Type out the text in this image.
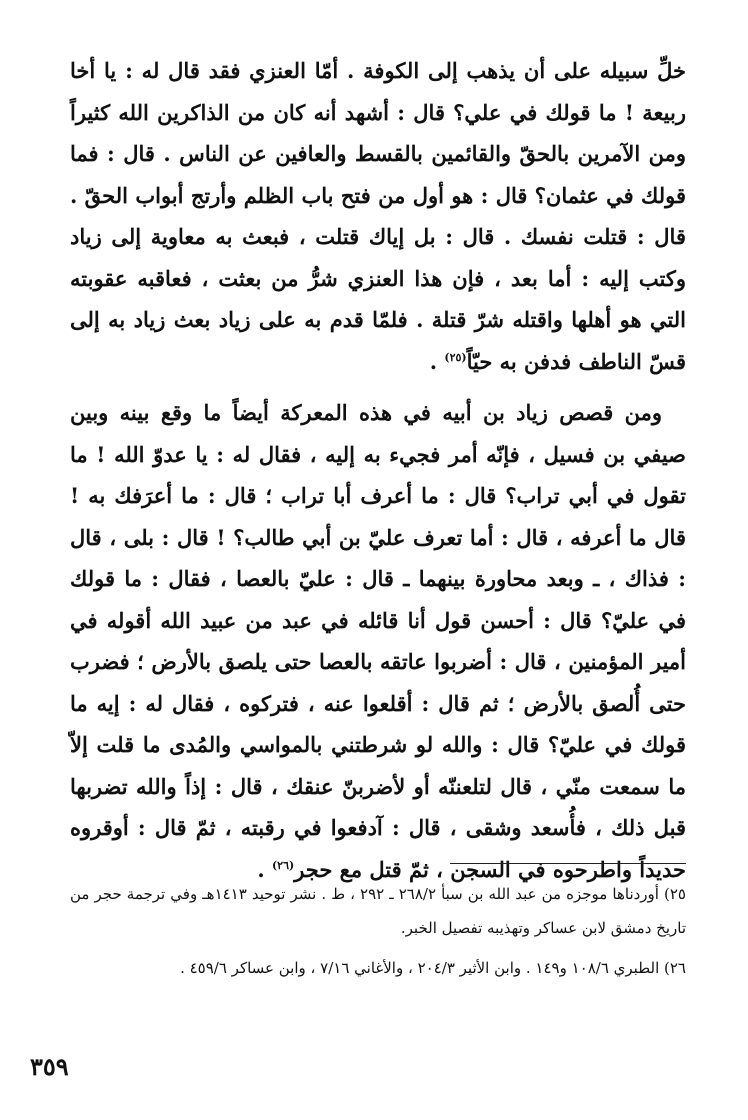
خلِّ سبيله على أن يذهب إلى الكوفة . أمّا العنزي فقد قال له : يا أخا ربيعة ! ما قولك في علي؟ قال : أشهد أنه كان من الذاكرين الله كثيراً ومن الآمرين بالحقّ والقائمين بالقسط والعافين عن الناس . قال : فما قولك في عثمان؟ قال : هو أول من فتح باب الظلم وأرتج أبواب الحقّ . قال : قتلت نفسك . قال : بل إياك قتلت ، فبعث به معاوية إلى زياد وكتب إليه : أما بعد ، فإن هذا العنزي شرُّ من بعثت ، فعاقبه عقوبته التي هو أهلها واقتله شرّ قتلة . فلمّا قدم به على زياد بعث زياد به إلى قسّ الناطف فدفن به حيّاً$^{(٢٥)}$ .

ومن قصص زياد بن أبيه في هذه المعركة أيضاً ما وقع بينه وبين صيفي بن فسيل ، فإنّه أمر فجيء به إليه ، فقال له : يا عدوّ الله ! ما تقول في أبي تراب؟ قال : ما أعرف أبا تراب ؛ قال : ما أعرَفك به ! قال ما أعرفه ، قال : أما تعرف عليّ بن أبي طالب؟ ! قال : بلى ، قال : فذاك ، ـ وبعد محاورة بينهما ـ قال : عليّ بالعصا ، فقال : ما قولك في عليّ؟ قال : أحسن قول أنا قائله في عبد من عبيد الله أقوله في أمير المؤمنين ، قال : أضربوا عاتقه بالعصا حتى يلصق بالأرض ؛ فضرب حتى أُلصق بالأرض ؛ ثم قال : أقلعوا عنه ، فتركوه ، فقال له : إيه ما قولك في عليّ؟ قال : والله لو شرطتني بالمواسي والمُدى ما قلت إلاّ ما سمعت منّي ، قال لتلعننّه أو لأضربنّ عنقك ، قال : إذاً والله تضربها قبل ذلك ، فأُسعد وشقى ، قال : آدفعوا في رقبته ، ثمّ قال : أوقروه حديداً واطرحوه في السجن ، ثمّ قتل مع حجر$^{(٢٦)}$ .

٢٥) أوردناها موجزه من عبد الله بن سبأ ٢٦٨/٢ ـ ٢٩٢ ، ط . نشر توحيد ١٤١٣هـ وفي ترجمة حجر من تاريخ دمشق لابن عساكر وتهذيبه تفصيل الخبر.

٢٦) الطبري ١٠٨/٦ و١٤٩ . وابن الأثير ٢٠٤/٣ ، والأغاني ٧/١٦ ، وابن عساكر ٤٥٩/٦ .

٣٥٩
